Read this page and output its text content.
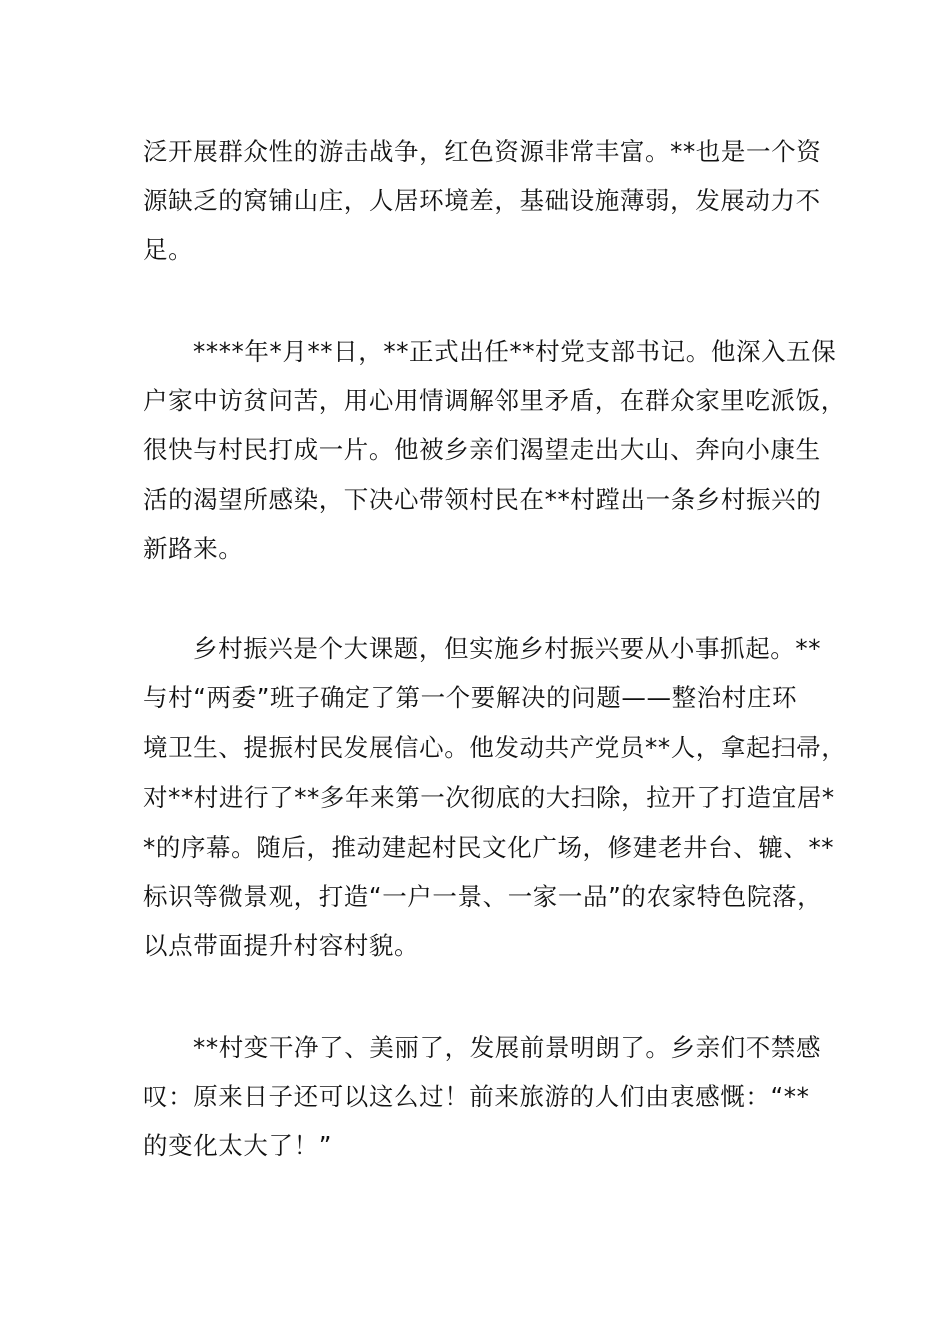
泛开展群众性的游击战争，红色资源非常丰富。**也是一个资

源缺乏的窝铺山庄，人居环境差，基础设施薄弱，发展动力不

足。

****年*月**日，**正式出任**村党支部书记。他深入五保

户家中访贫问苦，用心用情调解邻里矛盾，在群众家里吃派饭，

很快与村民打成一片。他被乡亲们渴望走出大山、奔向小康生

活的渴望所感染，下决心带领村民在**村蹚出一条乡村振兴的

新路来。

乡村振兴是个大课题，但实施乡村振兴要从小事抓起。**

与村“两委”班子确定了第一个要解决的问题——整治村庄环

境卫生、提振村民发展信心。他发动共产党员**人，拿起扫帚，

对**村进行了**多年来第一次彻底的大扫除，拉开了打造宜居*

*的序幕。随后，推动建起村民文化广场，修建老井台、辘、**

标识等微景观，打造“一户一景、一家一品”的农家特色院落，

以点带面提升村容村貌。

**村变干净了、美丽了，发展前景明朗了。乡亲们不禁感

叹：原来日子还可以这么过！前来旅游的人们由衷感慨：“**

的变化太大了！”
